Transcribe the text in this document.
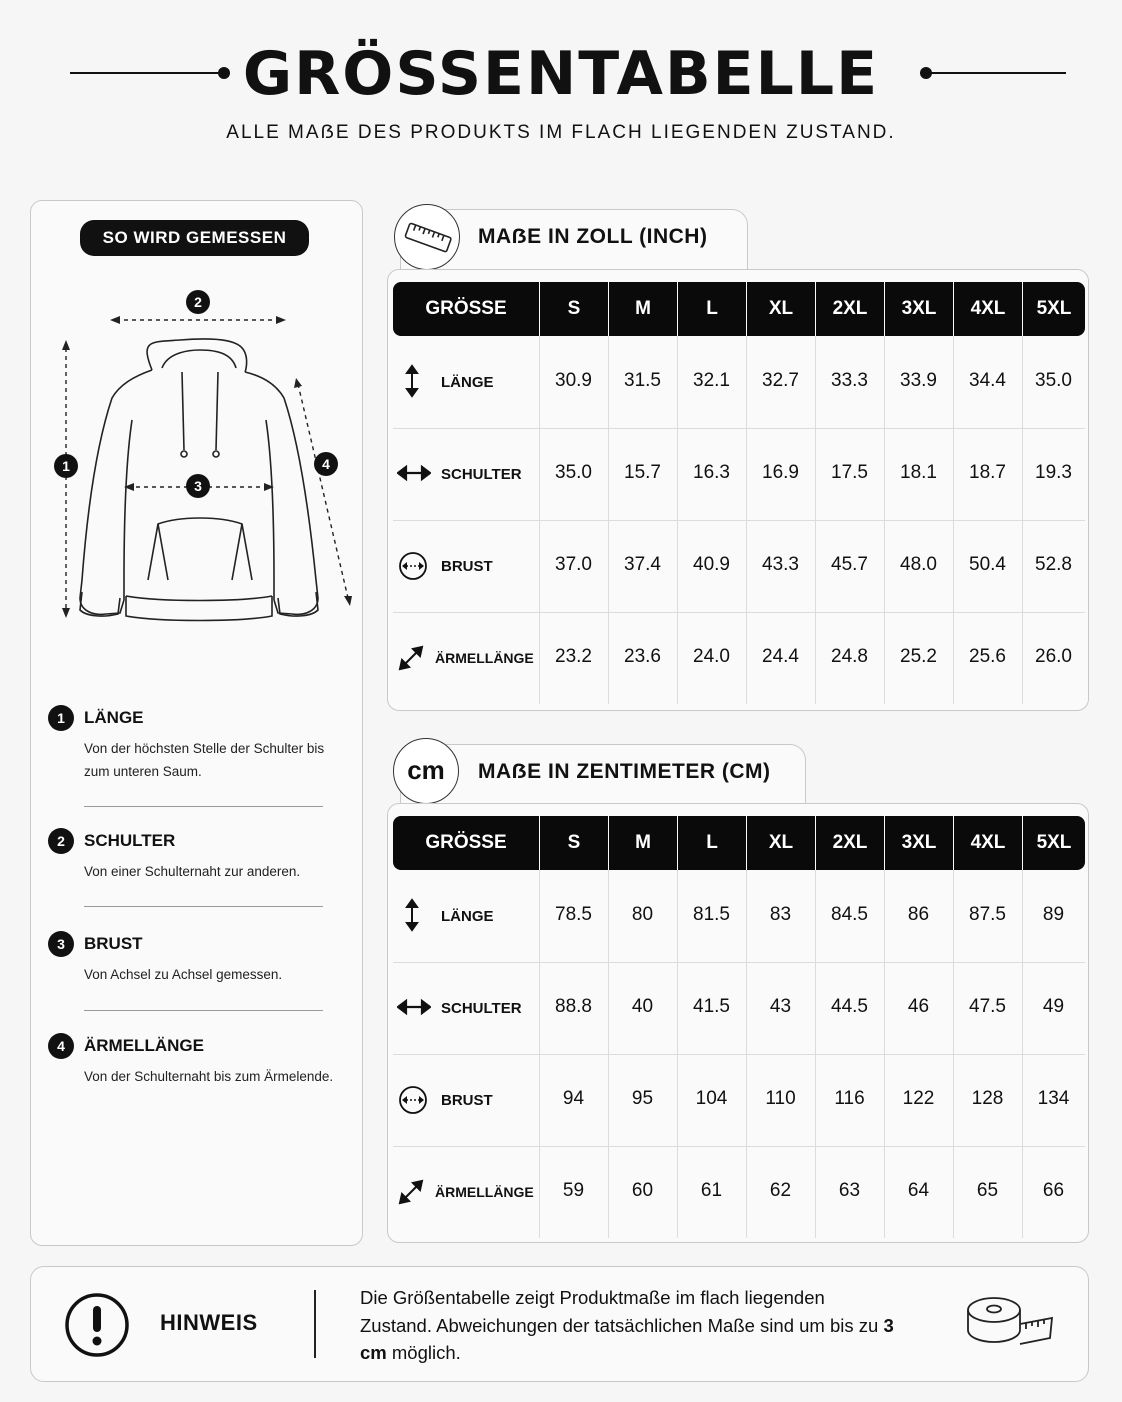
GRÖSSENTABELLE
ALLE MAẞE DES PRODUKTS IM FLACH LIEGENDEN ZUSTAND.
SO WIRD GEMESSEN
2
1
3
4
1	LÄNGE
Von der höchsten Stelle der Schulter bis zum unteren Saum.
2	SCHULTER
Von einer Schulternaht zur anderen.
3	BRUST
Von Achsel zu Achsel gemessen.
4	ÄRMELLÄNGE
Von der Schulternaht bis zum Ärmelende.
MAẞE IN ZOLL (INCH)
GRÖSSE	S	M	L	XL	2XL	3XL	4XL	5XL
LÄNGE	30.9	31.5	32.1	32.7	33.3	33.9	34.4	35.0
SCHULTER	35.0	15.7	16.3	16.9	17.5	18.1	18.7	19.3
BRUST	37.0	37.4	40.9	43.3	45.7	48.0	50.4	52.8
ÄRMELLÄNGE	23.2	23.6	24.0	24.4	24.8	25.2	25.6	26.0
cm	MAẞE IN ZENTIMETER (CM)
GRÖSSE	S	M	L	XL	2XL	3XL	4XL	5XL
LÄNGE	78.5	80	81.5	83	84.5	86	87.5	89
SCHULTER	88.8	40	41.5	43	44.5	46	47.5	49
BRUST	94	95	104	110	116	122	128	134
ÄRMELLÄNGE	59	60	61	62	63	64	65	66
HINWEIS
Die Größentabelle zeigt Produktmaße im flach liegenden Zustand. Abweichungen der tatsächlichen Maße sind um bis zu 3 cm möglich.
